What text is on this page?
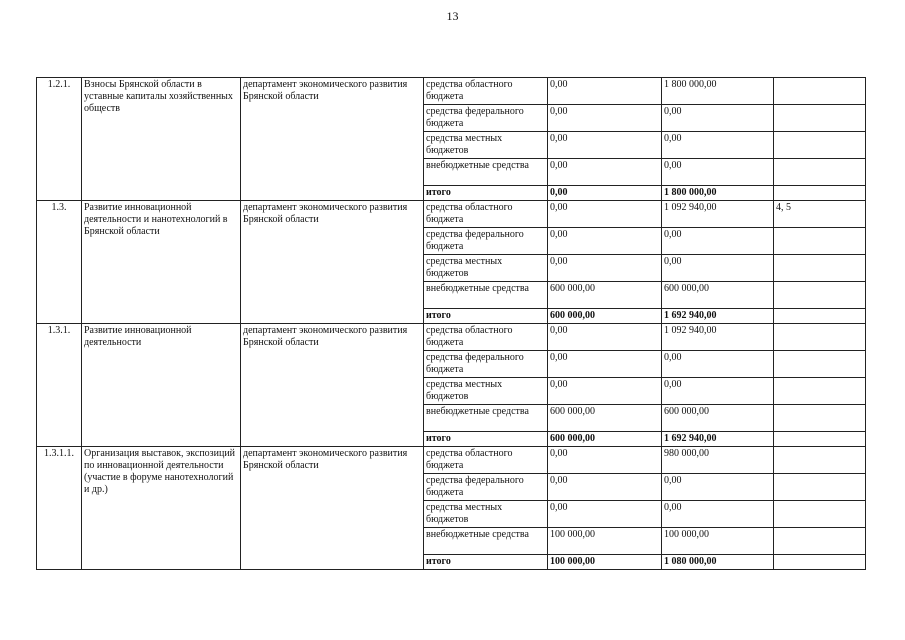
13
1.2.1.	Взносы Брянской области в уставные капиталы хозяйственных обществ	департамент экономического развития Брянской области	средства областного бюджета	0,00	1 800 000,00	
			средства федерального бюджета	0,00	0,00	
			средства местных бюджетов	0,00	0,00	
			внебюджетные средства	0,00	0,00	
			итого	0,00	1 800 000,00	
1.3.	Развитие инновационной деятельности и нанотехнологий в Брянской области	департамент экономического развития Брянской области	средства областного бюджета	0,00	1 092 940,00	4, 5
			средства федерального бюджета	0,00	0,00	
			средства местных бюджетов	0,00	0,00	
			внебюджетные средства	600 000,00	600 000,00	
			итого	600 000,00	1 692 940,00	
1.3.1.	Развитие инновационной деятельности	департамент экономического развития Брянской области	средства областного бюджета	0,00	1 092 940,00	
			средства федерального бюджета	0,00	0,00	
			средства местных бюджетов	0,00	0,00	
			внебюджетные средства	600 000,00	600 000,00	
			итого	600 000,00	1 692 940,00	
1.3.1.1.	Организация выставок, экспозиций по инновационной деятельности (участие в форуме нанотехнологий и др.)	департамент экономического развития Брянской области	средства областного бюджета	0,00	980 000,00	
			средства федерального бюджета	0,00	0,00	
			средства местных бюджетов	0,00	0,00	
			внебюджетные средства	100 000,00	100 000,00	
			итого	100 000,00	1 080 000,00	
